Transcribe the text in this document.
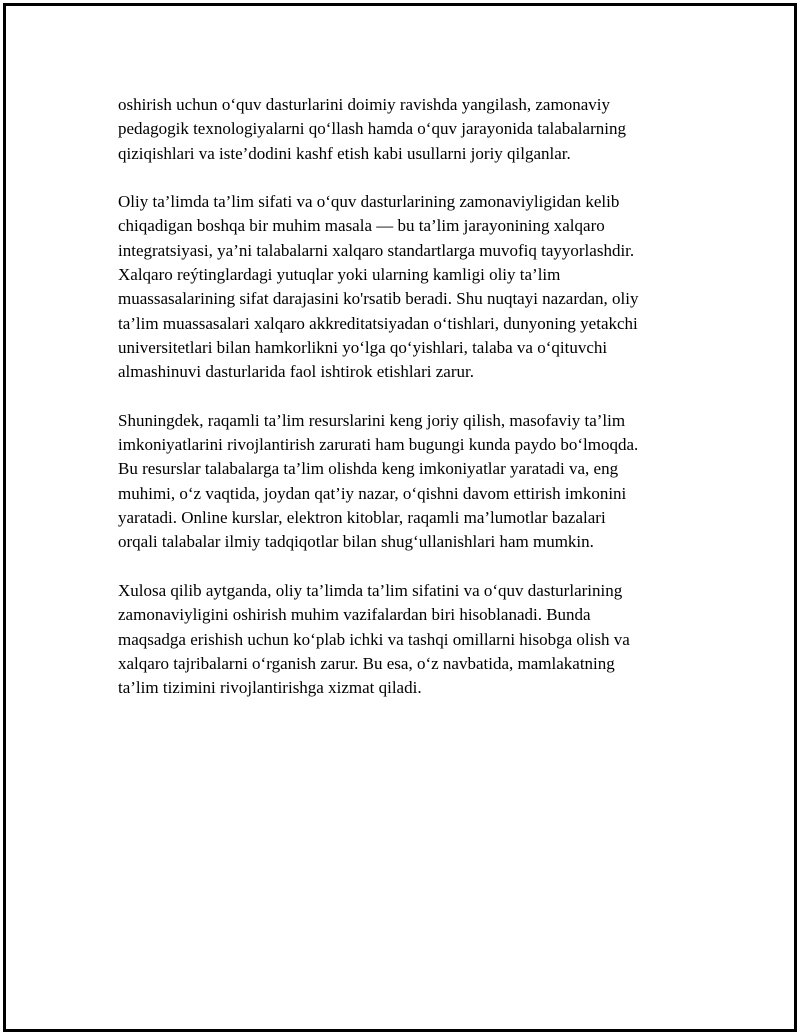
oshirish uchun o‘quv dasturlarini doimiy ravishda yangilash, zamonaviy
pedagogik texnologiyalarni qo‘llash hamda o‘quv jarayonida talabalarning
qiziqishlari va iste’dodini kashf etish kabi usullarni joriy qilganlar.

Oliy ta’limda ta’lim sifati va o‘quv dasturlarining zamonaviyligidan kelib
chiqadigan boshqa bir muhim masala — bu ta’lim jarayonining xalqaro
integratsiyasi, ya’ni talabalarni xalqaro standartlarga muvofiq tayyorlashdir.
Xalqaro reýtinglardagi yutuqlar yoki ularning kamligi oliy ta’lim
muassasalarining sifat darajasini ko'rsatib beradi. Shu nuqtayi nazardan, oliy
ta’lim muassasalari xalqaro akkreditatsiyadan o‘tishlari, dunyoning yetakchi
universitetlari bilan hamkorlikni yo‘lga qo‘yishlari, talaba va o‘qituvchi
almashinuvi dasturlarida faol ishtirok etishlari zarur.

Shuningdek, raqamli ta’lim resurslarini keng joriy qilish, masofaviy ta’lim
imkoniyatlarini rivojlantirish zarurati ham bugungi kunda paydo bo‘lmoqda.
Bu resurslar talabalarga ta’lim olishda keng imkoniyatlar yaratadi va, eng
muhimi, o‘z vaqtida, joydan qat’iy nazar, o‘qishni davom ettirish imkonini
yaratadi. Online kurslar, elektron kitoblar, raqamli ma’lumotlar bazalari
orqali talabalar ilmiy tadqiqotlar bilan shug‘ullanishlari ham mumkin.

Xulosa qilib aytganda, oliy ta’limda ta’lim sifatini va o‘quv dasturlarining
zamonaviyligini oshirish muhim vazifalardan biri hisoblanadi. Bunda
maqsadga erishish uchun ko‘plab ichki va tashqi omillarni hisobga olish va
xalqaro tajribalarni o‘rganish zarur. Bu esa, o‘z navbatida, mamlakatning
ta’lim tizimini rivojlantirishga xizmat qiladi.
